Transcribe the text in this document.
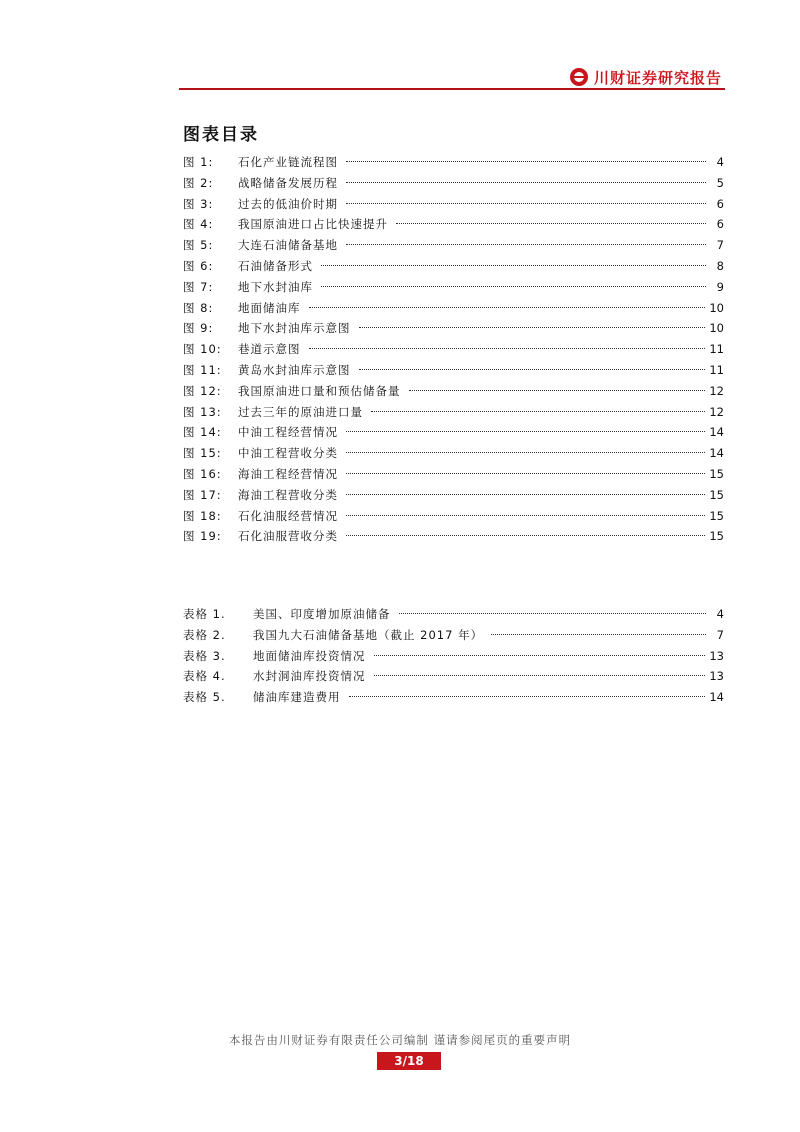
川财证券研究报告
图表目录
图 1:	石化产业链流程图	4
图 2:	战略储备发展历程	5
图 3:	过去的低油价时期	6
图 4:	我国原油进口占比快速提升	6
图 5:	大连石油储备基地	7
图 6:	石油储备形式	8
图 7:	地下水封油库	9
图 8:	地面储油库	10
图 9:	地下水封油库示意图	10
图 10:	巷道示意图	11
图 11:	黄岛水封油库示意图	11
图 12:	我国原油进口量和预估储备量	12
图 13:	过去三年的原油进口量	12
图 14:	中油工程经营情况	14
图 15:	中油工程营收分类	14
图 16:	海油工程经营情况	15
图 17:	海油工程营收分类	15
图 18:	石化油服经营情况	15
图 19:	石化油服营收分类	15
表格 1.	美国、印度增加原油储备	4
表格 2.	我国九大石油储备基地（截止 2017 年）	7
表格 3.	地面储油库投资情况	13
表格 4.	水封洞油库投资情况	13
表格 5.	储油库建造费用	14
本报告由川财证券有限责任公司编制 谨请参阅尾页的重要声明
3/18
